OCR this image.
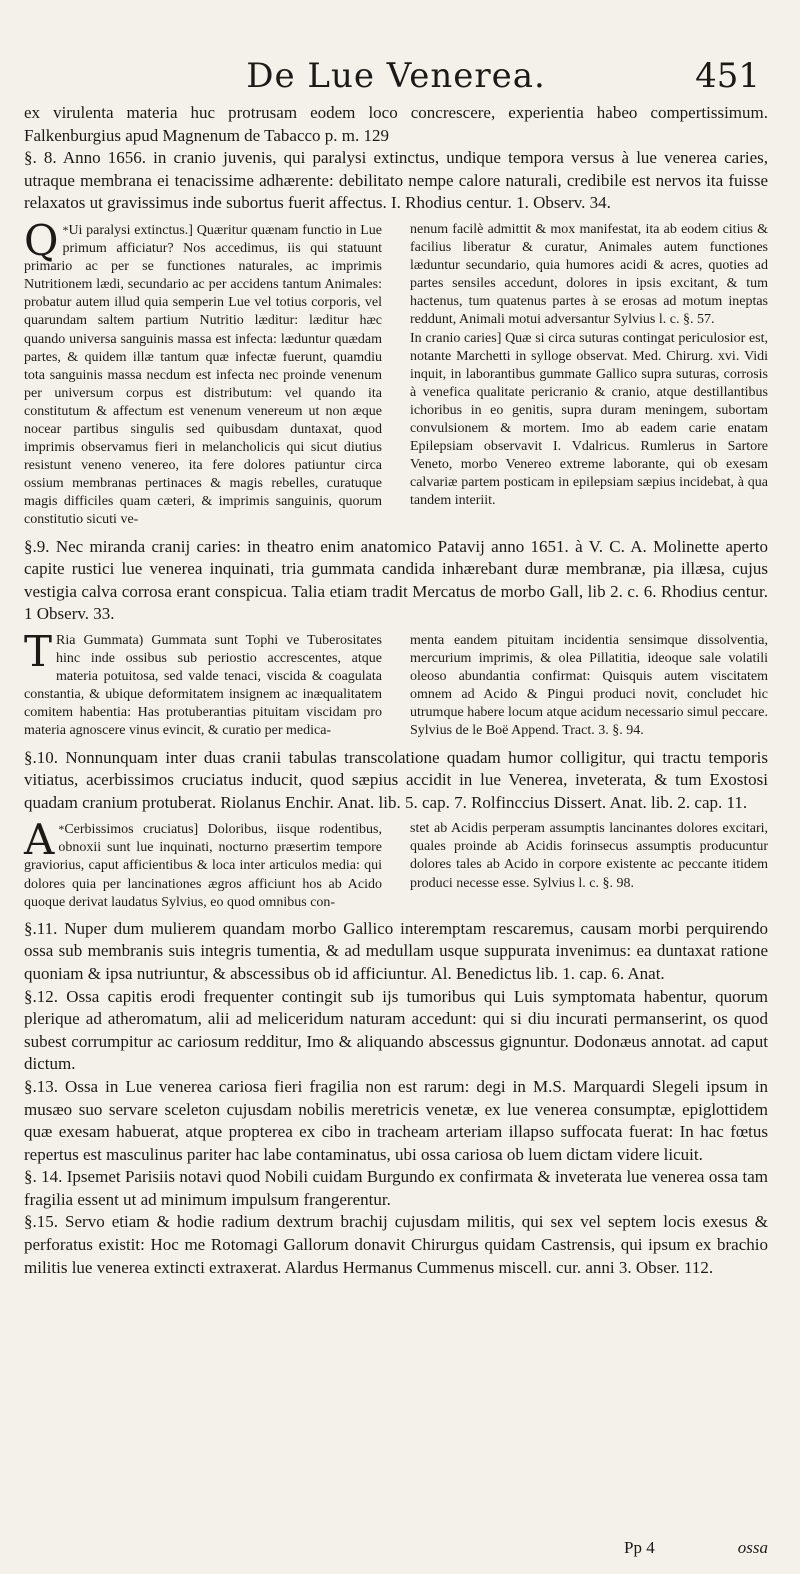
De Lue Venerea.	451

ex virulenta materia huc protrusam eodem loco concrescere, experientia habeo compertissimum. Falkenburgius apud Magnenum de Tabacco p. m. 129

§. 8. Anno 1656. in cranio juvenis, qui paralysi extinctus, undique tempora versus à lue venerea caries, utraque membrana ei tenacissime adhærente: debilitato nempe calore naturali, credibile est nervos ita fuisse relaxatos ut gravissimus inde subortus fuerit affectus. I. Rhodius centur. 1. Observ. 34.

*
Q Ui paralysi extinctus.] Quæritur quænam functio in Lue primum afficiatur? Nos accedimus, iis qui statuunt primario ac per se functiones naturales, ac imprimis Nutritionem lædi, secundario ac per accidens tantum Animales: probatur autem illud quia semperin Lue vel totius corporis, vel quarundam saltem partium Nutritio læditur: læditur hæc quando universa sanguinis massa est infecta: læduntur quædam partes, & quidem illæ tantum quæ infectæ fuerunt, quamdiu tota sanguinis massa necdum est infecta nec proinde venenum per universum corpus est distributum: vel quando ita constitutum & affectum est venenum venereum ut non æque nocear partibus singulis sed quibusdam duntaxat, quod imprimis observamus fieri in melancholicis qui sicut diutius resistunt veneno venereo, ita fere dolores patiuntur circa ossium membranas pertinaces & magis rebelles, curatuque magis difficiles quam cæteri, & imprimis sanguinis, quorum constitutio sicuti ve-

nenum facilè admittit & mox manifestat, ita ab eodem citius & facilius liberatur & curatur, Animales autem functiones læduntur secundario, quia humores acidi & acres, quoties ad partes sensiles accedunt, dolores in ipsis excitant, & tum hactenus, tum quatenus partes à se erosas ad motum ineptas reddunt, Animali motui adversantur Sylvius l. c. §. 57.

In cranio caries] Quæ si circa suturas contingat periculosior est, notante Marchetti in sylloge observat. Med. Chirurg. xvi. Vidi inquit, in laborantibus gummate Gallico supra suturas, corrosis à venefica qualitate pericranio & cranio, atque destillantibus ichoribus in eo genitis, supra duram meningem, subortam convulsionem & mortem. Imo ab eadem carie enatam Epilepsiam observavit I. Vdalricus. Rumlerus in Sartore Veneto, morbo Venereo extreme laborante, qui ob exesam calvariæ partem posticam in epilepsiam sæpius incidebat, à qua tandem interiit.

§.9. Nec miranda cranij caries: in theatro enim anatomico Patavij anno 1651. à V. C. A. Molinette aperto capite rustici lue venerea inquinati, tria gummata candida inhærebant duræ membranæ, pia illæsa, cujus vestigia calva corrosa erant conspicua. Talia etiam tradit Mercatus de morbo Gall, lib 2. c. 6. Rhodius centur. 1 Observ. 33.

T Ria Gummata) Gummata sunt Tophi ve Tuberositates hinc inde ossibus sub periostio accrescentes, atque materia potuitosa, sed valde tenaci, viscida & coagulata constantia, & ubique deformitatem insignem ac inæqualitatem comitem habentia: Has protuberantias pituitam viscidam pro materia agnoscere vinus evincit, & curatio per medica-

menta eandem pituitam incidentia sensimque dissolventia, mercurium imprimis, & olea Pillatitia, ideoque sale volatili oleoso abundantia confirmat: Quisquis autem viscitatem omnem ad Acido & Pingui produci novit, concludet hic utrumque habere locum atque acidum necessario simul peccare. Sylvius de le Boë Append. Tract. 3. §. 94.

§.10. Nonnunquam inter duas cranii tabulas transcolatione quadam humor colligitur, qui tractu temporis vitiatus, acerbissimos cruciatus inducit, quod sæpius accidit in lue Venerea, inveterata, & tum Exostosi quadam cranium protuberat. Riolanus Enchir. Anat. lib. 5. cap. 7. Rolfinccius Dissert. Anat. lib. 2. cap. 11.

*
A Cerbissimos cruciatus] Doloribus, iisque rodentibus, obnoxii sunt lue inquinati, nocturno præsertim tempore graviorius, caput afficientibus & loca inter articulos media: qui dolores quia per lancinationes ægros afficiunt hos ab Acido quoque derivat laudatus Sylvius, eo quod omnibus con-

stet ab Acidis perperam assumptis lancinantes dolores excitari, quales proinde ab Acidis forinsecus assumptis producuntur dolores tales ab Acido in corpore existente ac peccante itidem produci necesse esse. Sylvius l. c. §. 98.

§.11. Nuper dum mulierem quandam morbo Gallico interemptam rescaremus, causam morbi perquirendo ossa sub membranis suis integris tumentia, & ad medullam usque suppurata invenimus: ea duntaxat ratione quoniam & ipsa nutriuntur, & abscessibus ob id afficiuntur. Al. Benedictus lib. 1. cap. 6. Anat.

§.12. Ossa capitis erodi frequenter contingit sub ijs tumoribus qui Luis symptomata habentur, quorum plerique ad atheromatum, alii ad meliceridum naturam accedunt: qui si diu incurati permanserint, os quod subest corrumpitur ac cariosum redditur, Imo & aliquando abscessus gignuntur. Dodonæus annotat. ad caput dictum.

§.13. Ossa in Lue venerea cariosa fieri fragilia non est rarum: degi in M.S. Marquardi Slegeli ipsum in musæo suo servare sceleton cujusdam nobilis meretricis venetæ, ex lue venerea consumptæ, epiglottidem quæ exesam habuerat, atque propterea ex cibo in tracheam arteriam illapso suffocata fuerat: In hac fœtus repertus est masculinus pariter hac labe contaminatus, ubi ossa cariosa ob luem dictam videre licuit.

§. 14. Ipsemet Parisiis notavi quod Nobili cuidam Burgundo ex confirmata & inveterata lue venerea ossa tam fragilia essent ut ad minimum impulsum frangerentur.

§.15. Servo etiam & hodie radium dextrum brachij cujusdam militis, qui sex vel septem locis exesus & perforatus existit: Hoc me Rotomagi Gallorum donavit Chirurgus quidam Castrensis, qui ipsum ex brachio militis lue venerea extincti extraxerat. Alardus Hermanus Cummenus miscell. cur. anni 3. Obser. 112.

Pp 4	ossa
